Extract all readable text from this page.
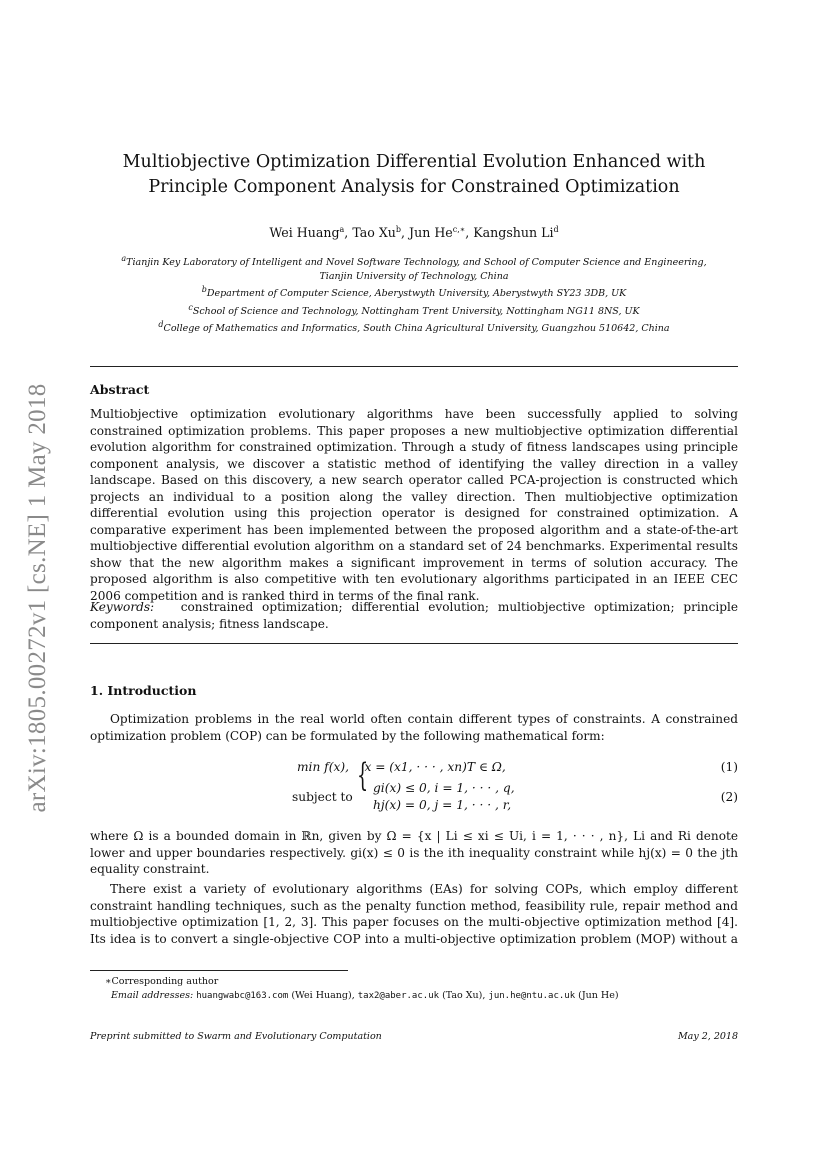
arXiv:1805.00272v1 [cs.NE] 1 May 2018
Multiobjective Optimization Differential Evolution Enhanced with
Principle Component Analysis for Constrained Optimization
Wei Huang$^a$, Tao Xu$^b$, Jun $He^{c,∗}$, Kangshun Li$^d$
$^a$Tianjin Key Laboratory of Intelligent and Novel Software Technology, and School of Computer Science and Engineering,
Tianjin University of Technology, China
$^b$Department of Computer Science, Aberystwyth University, Aberystwyth SY23 3DB, UK
$^c$School of Science and Technology, Nottingham Trent University, Nottingham NG11 8NS, UK
$^d$College of Mathematics and Informatics, South China Agricultural University, Guangzhou 510642, China
Abstract
Multiobjective optimization evolutionary algorithms have been successfully applied to solving constrained optimization problems. This paper proposes a new multiobjective optimization differential evolution algorithm for constrained optimization. Through a study of fitness landscapes using principle component analysis, we discover a statistic method of identifying the valley direction in a valley landscape. Based on this discovery, a new search operator called PCA-projection is constructed which projects an individual to a position along the valley direction. Then multiobjective optimization differential evolution using this projection operator is designed for constrained optimization. A comparative experiment has been implemented between the proposed algorithm and a state-of-the-art multiobjective differential evolution algorithm on a standard set of 24 benchmarks. Experimental results show that the new algorithm makes a significant improvement in terms of solution accuracy. The proposed algorithm is also competitive with ten evolutionary algorithms participated in an IEEE CEC 2006 competition and is ranked third in terms of the final rank.
Keywords: constrained optimization; differential evolution; multiobjective optimization; principle component analysis; fitness landscape.
1. Introduction
Optimization problems in the real world often contain different types of constraints. A constrained optimization problem (COP) can be formulated by the following mathematical form:
min f(x), x = (x1, · · · , xn)T ∈ Ω,	(1)
subject to
{ gi(x) ≤ 0, i = 1, · · · , q,
hj(x) = 0, j = 1, · · · , r,
(2)
where Ω is a bounded domain in ℝn, given by Ω = {x | Li ≤ xi ≤ Ui, i = 1, · · · , n}, Li and Ri denote
lower and upper boundaries respectively. gi(x) ≤ 0 is the ith inequality constraint while hj(x) = 0 the jth
equality constraint.
There exist a variety of evolutionary algorithms (EAs) for solving COPs, which employ different constraint handling techniques, such as the penalty function method, feasibility rule, repair method and multiobjective optimization [1, 2, 3]. This paper focuses on the multi-objective optimization method [4]. Its idea is to convert a single-objective COP into a multi-objective optimization problem (MOP) without a
∗Corresponding author
Email addresses: huangwabc@163.com (Wei Huang), tax2@aber.ac.uk (Tao Xu), jun.he@ntu.ac.uk (Jun He)
Preprint submitted to Swarm and Evolutionary Computation	May 2, 2018
